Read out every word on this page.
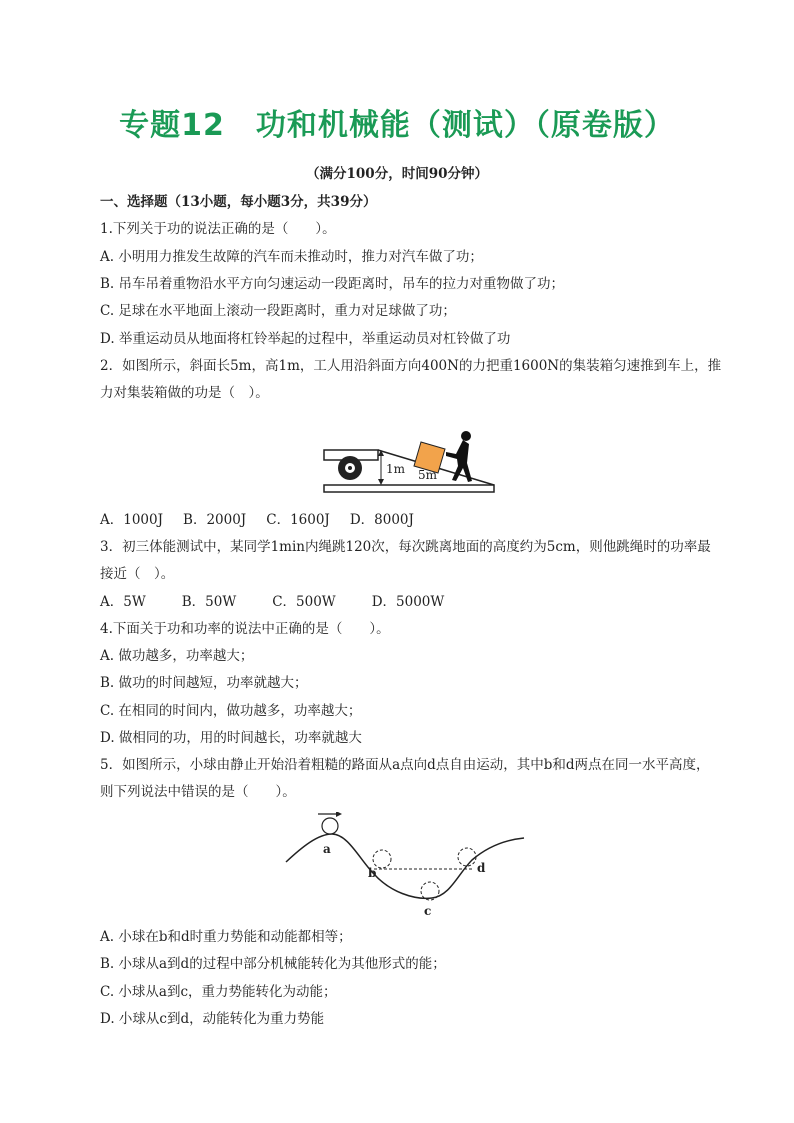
专题12　功和机械能（测试）（原卷版）
（满分100分，时间90分钟）
一、选择题（13小题，每小题3分，共39分）
1.下列关于功的说法正确的是（　　）。
A. 小明用力推发生故障的汽车而未推动时，推力对汽车做了功；
B. 吊车吊着重物沿水平方向匀速运动一段距离时，吊车的拉力对重物做了功；
C. 足球在水平地面上滚动一段距离时，重力对足球做了功；
D. 举重运动员从地面将杠铃举起的过程中，举重运动员对杠铃做了功
2．如图所示，斜面长5m，高1m，工人用沿斜面方向400N的力把重1600N的集装箱匀速推到车上，推
力对集装箱做的功是（　）。
1m 5m
A．1000J B．2000J C．1600J D．8000J
3．初三体能测试中，某同学1min内绳跳120次，每次跳离地面的高度约为5cm，则他跳绳时的功率最
接近（　）。
A．5W	B．50W	C．500W	D．5000W
4.下面关于功和功率的说法中正确的是（　　）。
A. 做功越多，功率越大；
B. 做功的时间越短，功率就越大；
C. 在相同的时间内，做功越多，功率越大；
D. 做相同的功，用的时间越长，功率就越大
5．如图所示，小球由静止开始沿着粗糙的路面从a点向d点自由运动，其中b和d两点在同一水平高度，
则下列说法中错误的是（　　）。
a
b
c
d
A. 小球在b和d时重力势能和动能都相等；
B. 小球从a到d的过程中部分机械能转化为其他形式的能；
C. 小球从a到c，重力势能转化为动能；
D. 小球从c到d，动能转化为重力势能
